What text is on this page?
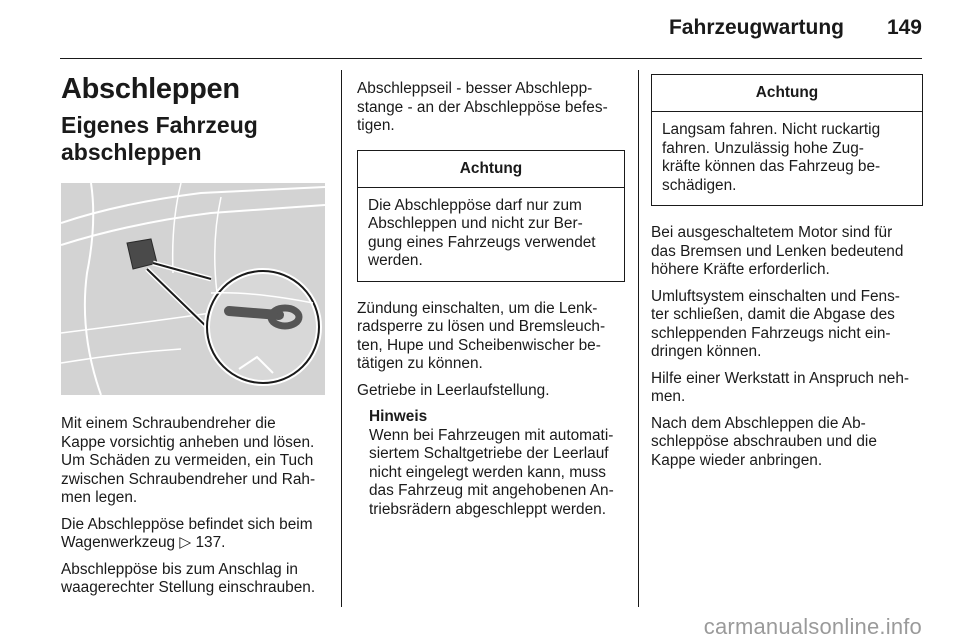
Fahrzeugwartung 149
Abschleppen
Eigenes Fahrzeug
abschleppen

Mit einem Schraubendreher die
Kappe vorsichtig anheben und lösen.
Um Schäden zu vermeiden, ein Tuch
zwischen Schraubendreher und Rah-
men legen.

Die Abschleppöse befindet sich beim
Wagenwerkzeug ▷ 137.

Abschleppöse bis zum Anschlag in
waagerechter Stellung einschrauben.

Abschleppseil - besser Abschlepp-
stange - an der Abschleppöse befes-
tigen.

Achtung
Die Abschleppöse darf nur zum
Abschleppen und nicht zur Ber-
gung eines Fahrzeugs verwendet
werden.

Zündung einschalten, um die Lenk-
radsperre zu lösen und Bremsleuch-
ten, Hupe und Scheibenwischer be-
tätigen zu können.

Getriebe in Leerlaufstellung.

Hinweis
Wenn bei Fahrzeugen mit automati-
siertem Schaltgetriebe der Leerlauf
nicht eingelegt werden kann, muss
das Fahrzeug mit angehobenen An-
triebsrädern abgeschleppt werden.
Achtung
Langsam fahren. Nicht ruckartig
fahren. Unzulässig hohe Zug-
kräfte können das Fahrzeug be-
schädigen.

Bei ausgeschaltetem Motor sind für
das Bremsen und Lenken bedeutend
höhere Kräfte erforderlich.

Umluftsystem einschalten und Fens-
ter schließen, damit die Abgase des
schleppenden Fahrzeugs nicht ein-
dringen können.

Hilfe einer Werkstatt in Anspruch neh-
men.

Nach dem Abschleppen die Ab-
schleppöse abschrauben und die
Kappe wieder anbringen.

carmanualsonline.info
